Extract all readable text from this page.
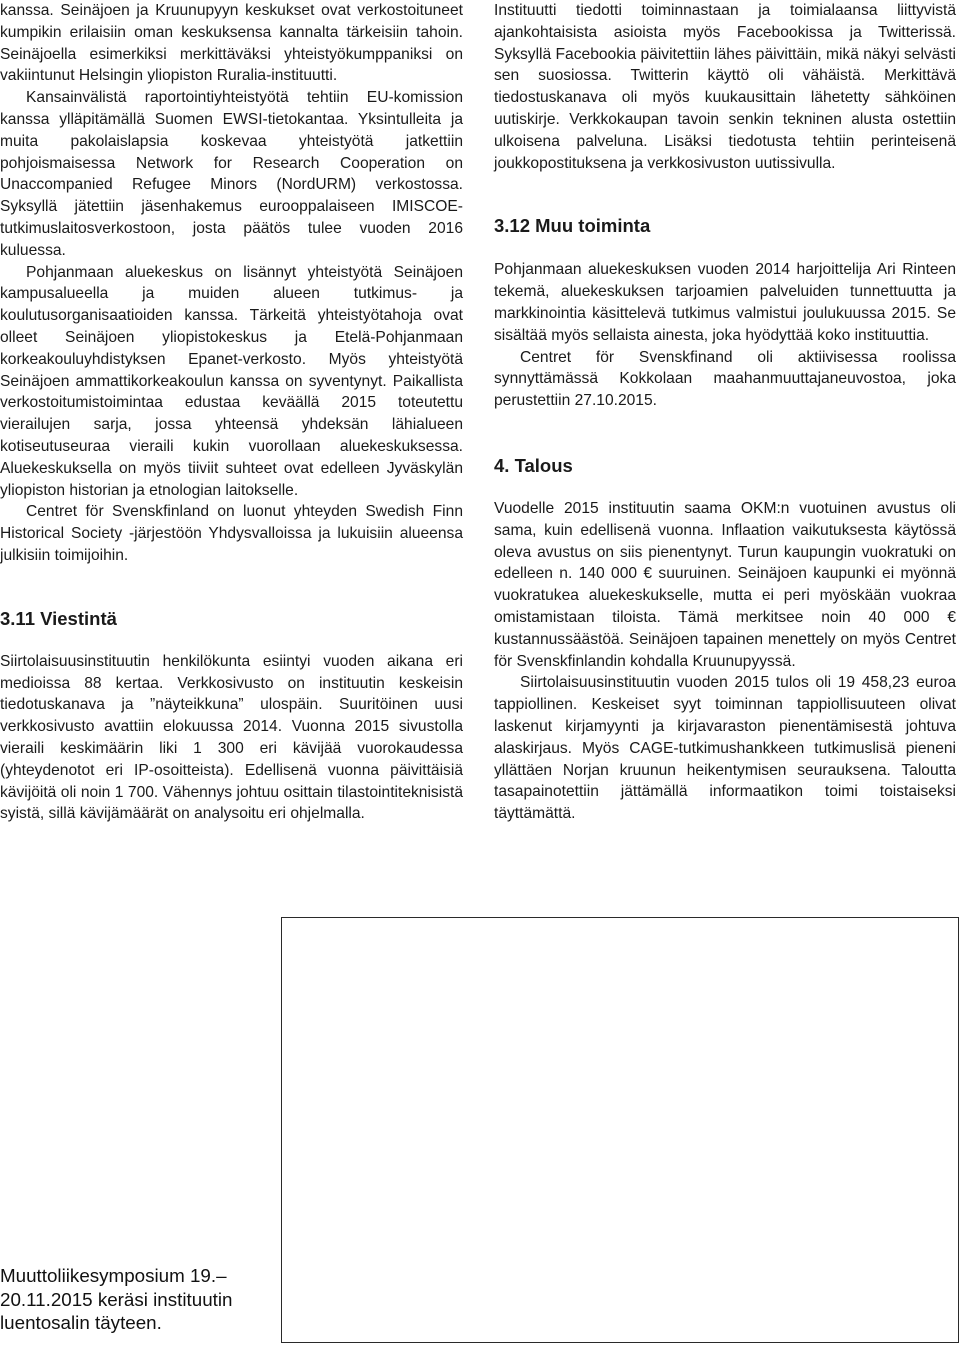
kanssa. Seinäjoen ja Kruunupyyn keskukset ovat verkostoituneet kumpikin erilaisiin oman keskuksensa kannalta tärkeisiin tahoin. Seinäjoella esimerkiksi merkittäväksi yhteistyökumppaniksi on vakiintunut Helsingin yliopiston Ruralia-instituutti.

Kansainvälistä raportointiyhteistyötä tehtiin EU-komission kanssa ylläpitämällä Suomen EWSI-tietokantaa. Yksintulleita ja muita pakolaislapsia koskevaa yhteistyötä jatkettiin pohjoismaisessa Network for Research Cooperation on Unaccompanied Refugee Minors (NordURM) verkostossa. Syksyllä jätettiin jäsenhakemus eurooppalaiseen IMISCOE-tutkimuslaitosverkostoon, josta päätös tulee vuoden 2016 kuluessa.

Pohjanmaan aluekeskus on lisännyt yhteistyötä Seinäjoen kampusalueella ja muiden alueen tutkimus- ja koulutusorganisaatioiden kanssa. Tärkeitä yhteistyötahoja ovat olleet Seinäjoen yliopistokeskus ja Etelä-Pohjanmaan korkeakouluyhdistyksen Epanet-verkosto. Myös yhteistyötä Seinäjoen ammattikorkeakoulun kanssa on syventynyt. Paikallista verkostoitumistoimintaa edustaa keväällä 2015 toteutettu vierailujen sarja, jossa yhteensä yhdeksän lähialueen kotiseutuseuraa vieraili kukin vuorollaan aluekeskuksessa. Aluekeskuksella on myös tiiviit suhteet ovat edelleen Jyväskylän yliopiston historian ja etnologian laitokselle.

Centret för Svenskfinland on luonut yhteyden Swedish Finn Historical Society -järjestöön Yhdysvalloissa ja lukuisiin alueensa julkisiin toimijoihin.

3.11 Viestintä

Siirtolaisuusinstituutin henkilökunta esiintyi vuoden aikana eri medioissa 88 kertaa. Verkkosivusto on instituutin keskeisin tiedotuskanava ja ”näyteikkuna” ulospäin. Suuritöinen uusi verkkosivusto avattiin elokuussa 2014. Vuonna 2015 sivustolla vieraili keskimäärin liki 1 300 eri kävijää vuorokaudessa (yhteydenotot eri IP-osoitteista). Edellisenä vuonna päivittäisiä kävijöitä oli noin 1 700. Vähennys johtuu osittain tilastointiteknisistä syistä, sillä kävijämäärät on analysoitu eri ohjelmalla.

Instituutti tiedotti toiminnastaan ja toimialaansa liittyvistä ajankohtaisista asioista myös Facebookissa ja Twitterissä. Syksyllä Facebookia päivitettiin lähes päivittäin, mikä näkyi selvästi sen suosiossa. Twitterin käyttö oli vähäistä. Merkittävä tiedostuskanava oli myös kuukausittain lähetetty sähköinen uutiskirje. Verkkokaupan tavoin senkin tekninen alusta ostettiin ulkoisena palveluna. Lisäksi tiedotusta tehtiin perinteisenä joukkopostituksena ja verkkosivuston uutissivulla.

3.12 Muu toiminta

Pohjanmaan aluekeskuksen vuoden 2014 harjoittelija Ari Rinteen tekemä, aluekeskuksen tarjoamien palveluiden tunnettuutta ja markkinointia käsittelevä tutkimus valmistui joulukuussa 2015. Se sisältää myös sellaista ainesta, joka hyödyttää koko instituuttia.

Centret för Svenskfinand oli aktiivisessa roolissa synnyttämässä Kokkolaan maahanmuuttajaneuvostoa, joka perustettiin 27.10.2015.

4. Talous

Vuodelle 2015 instituutin saama OKM:n vuotuinen avustus oli sama, kuin edellisenä vuonna. Inflaation vaikutuksesta käytössä oleva avustus on siis pienentynyt. Turun kaupungin vuokratuki on edelleen n. 140 000 € suuruinen. Seinäjoen kaupunki ei myönnä vuokratukea aluekeskukselle, mutta ei peri myöskään vuokraa omistamistaan tiloista. Tämä merkitsee noin 40 000 € kustannussäästöä. Seinäjoen tapainen menettely on myös Centret för Svenskfinlandin kohdalla Kruunupyyssä.

Siirtolaisuusinstituutin vuoden 2015 tulos oli 19 458,23 euroa tappiollinen. Keskeiset syyt toiminnan tappiollisuuteen olivat laskenut kirjamyynti ja kirjavaraston pienentämisestä johtuva alaskirjaus. Myös CAGE-tutkimushankkeen tutkimuslisä pieneni yllättäen Norjan kruunun heikentymisen seurauksena. Taloutta tasapainotettiin jättämällä informaatikon toimi toistaiseksi täyttämättä.

Muuttoliikesymposium 19.–20.11.2015 keräsi instituutin luentosalin täyteen.
